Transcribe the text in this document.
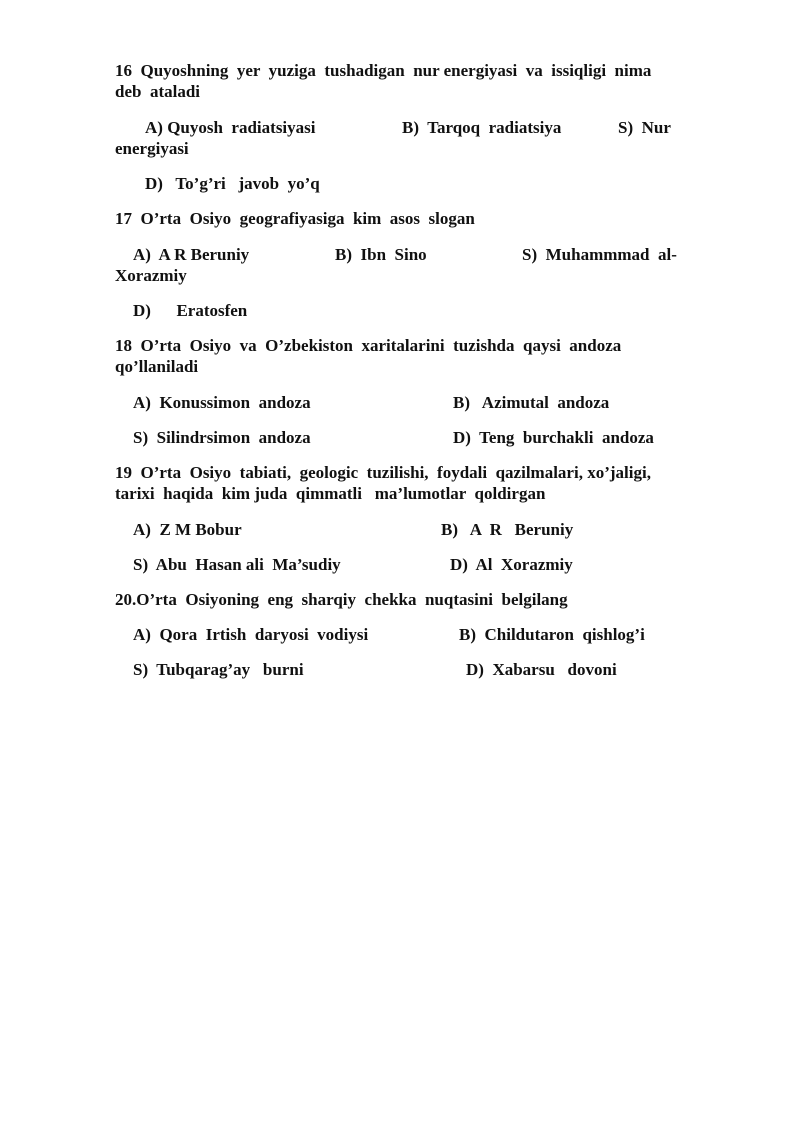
16  Quyoshning  yer  yuziga  tushadigan  nur energiyasi  va  issiqligi  nima
deb  ataladi
A) Quyosh  radiatsiyasi	B)  Tarqoq  radiatsiya	S)  Nur
energiyasi
D)   To’g’ri   javob  yo’q
17  O’rta  Osiyo  geografiyasiga  kim  asos  slogan
A)  A R Beruniy	B)  Ibn  Sino	S)  Muhammmad  al-
Xorazmiy
D)      Eratosfen
18  O’rta  Osiyo  va  O’zbekiston  xaritalarini  tuzishda  qaysi  andoza
qo’llaniladi
A)  Konussimon  andoza	B)   Azimutal  andoza
S)  Silindrsimon  andoza	D)  Teng  burchakli  andoza
19  O’rta  Osiyo  tabiati,  geologic  tuzilishi,  foydali  qazilmalari, xo’jaligi,
tarixi  haqida  kim juda  qimmatli   ma’lumotlar  qoldirgan
A)  Z M Bobur	B)   A  R   Beruniy
S)  Abu  Hasan ali  Ma’sudiy	D)  Al  Xorazmiy
20.O’rta  Osiyoning  eng  sharqiy  chekka  nuqtasini  belgilang
A)  Qora  Irtish  daryosi  vodiysi	B)  Childutaron  qishlog’i
S)  Tubqarag’ay   burni	D)  Xabarsu   dovoni
